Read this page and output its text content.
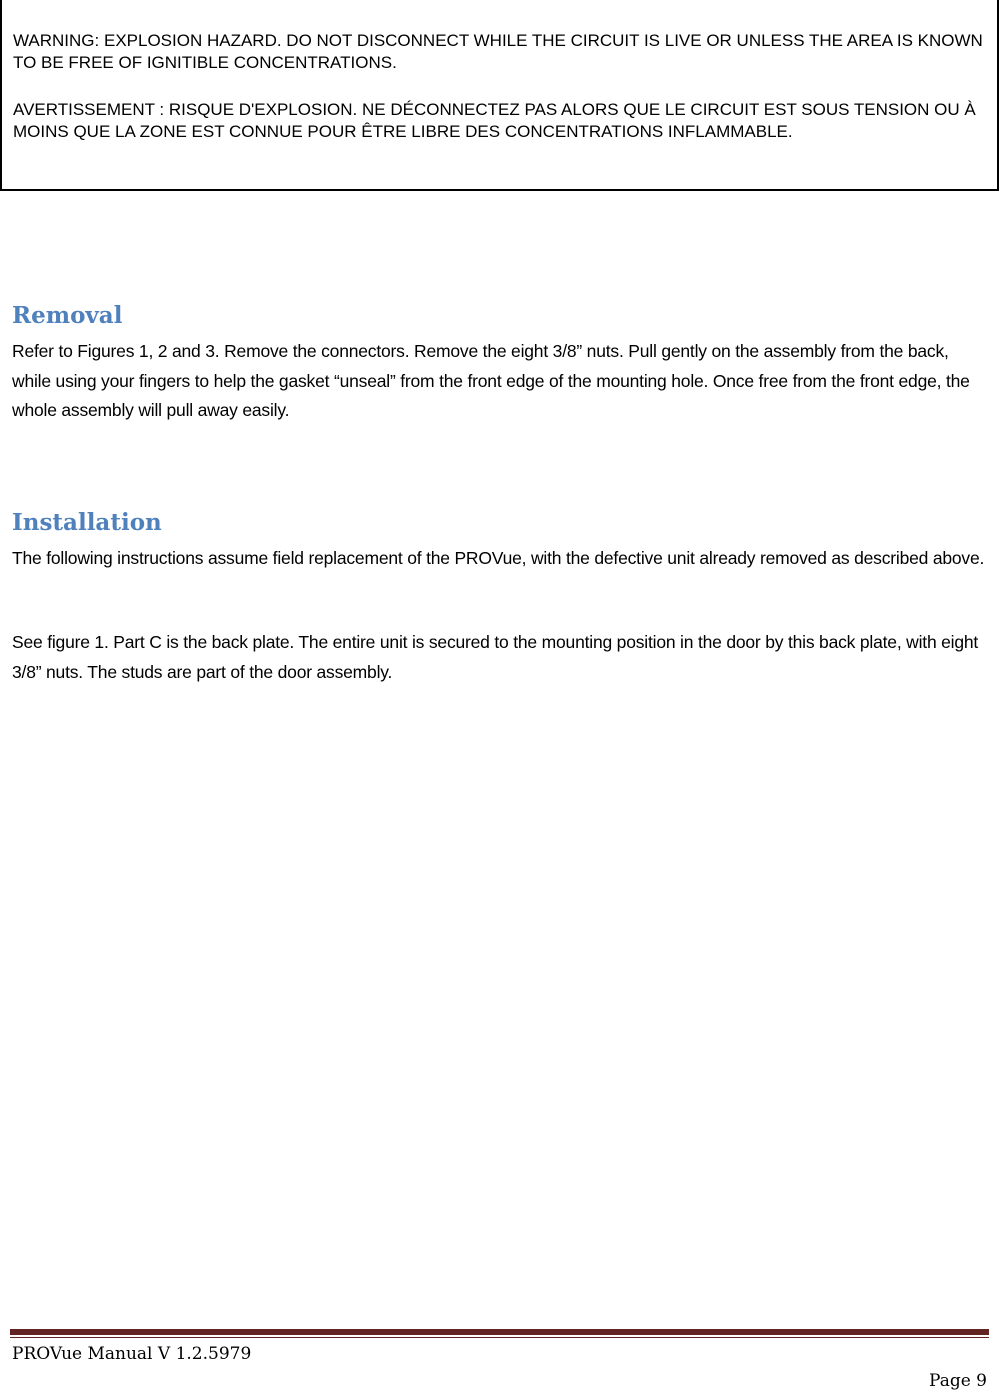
WARNING: EXPLOSION HAZARD. DO NOT DISCONNECT WHILE THE CIRCUIT IS LIVE OR UNLESS THE AREA IS KNOWN TO BE FREE OF IGNITIBLE CONCENTRATIONS.

AVERTISSEMENT : RISQUE D'EXPLOSION. NE DÉCONNECTEZ PAS ALORS QUE LE CIRCUIT EST SOUS TENSION OU À MOINS QUE LA ZONE EST CONNUE POUR ÊTRE LIBRE DES CONCENTRATIONS INFLAMMABLE.

Removal

Refer to Figures 1, 2 and 3. Remove the connectors. Remove the eight 3/8” nuts. Pull gently on the assembly from the back, while using your fingers to help the gasket “unseal” from the front edge of the mounting hole. Once free from the front edge, the whole assembly will pull away easily.

Installation

The following instructions assume field replacement of the PROVue, with the defective unit already removed as described above.

See figure 1. Part C is the back plate. The entire unit is secured to the mounting position in the door by this back plate, with eight 3/8” nuts. The studs are part of the door assembly.

PROVue Manual V 1.2.5979

Page 9
